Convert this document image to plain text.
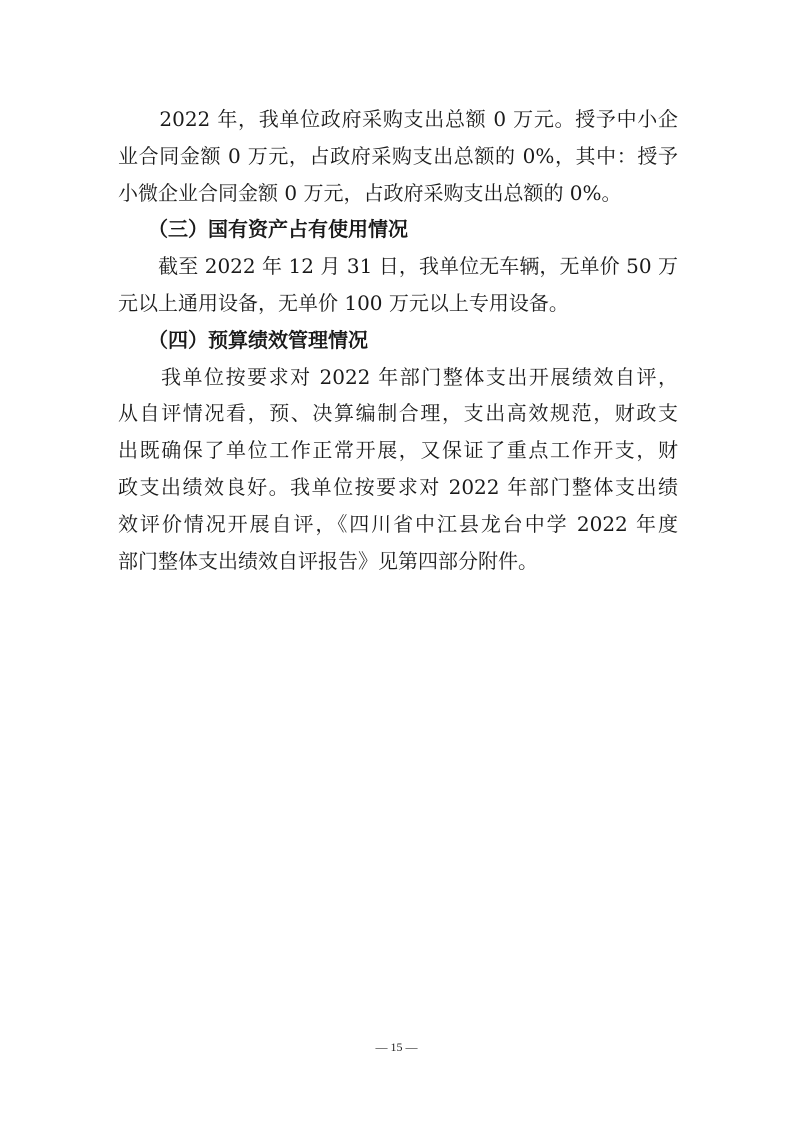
　　2022 年，我单位政府采购支出总额 0 万元。授予中小企
业合同金额 0 万元，占政府采购支出总额的 0%，其中：授予
小微企业合同金额 0 万元，占政府采购支出总额的 0%。
　　（三）国有资产占有使用情况
　　截至 2022 年 12 月 31 日，我单位无车辆，无单价 50 万
元以上通用设备，无单价 100 万元以上专用设备。
　　（四）预算绩效管理情况
　　我单位按要求对 2022 年部门整体支出开展绩效自评，
从自评情况看，预、决算编制合理，支出高效规范，财政支
出既确保了单位工作正常开展，又保证了重点工作开支，财
政支出绩效良好。我单位按要求对 2022 年部门整体支出绩
效评价情况开展自评，《四川省中江县龙台中学 2022 年度
部门整体支出绩效自评报告》见第四部分附件。
— 15 —
